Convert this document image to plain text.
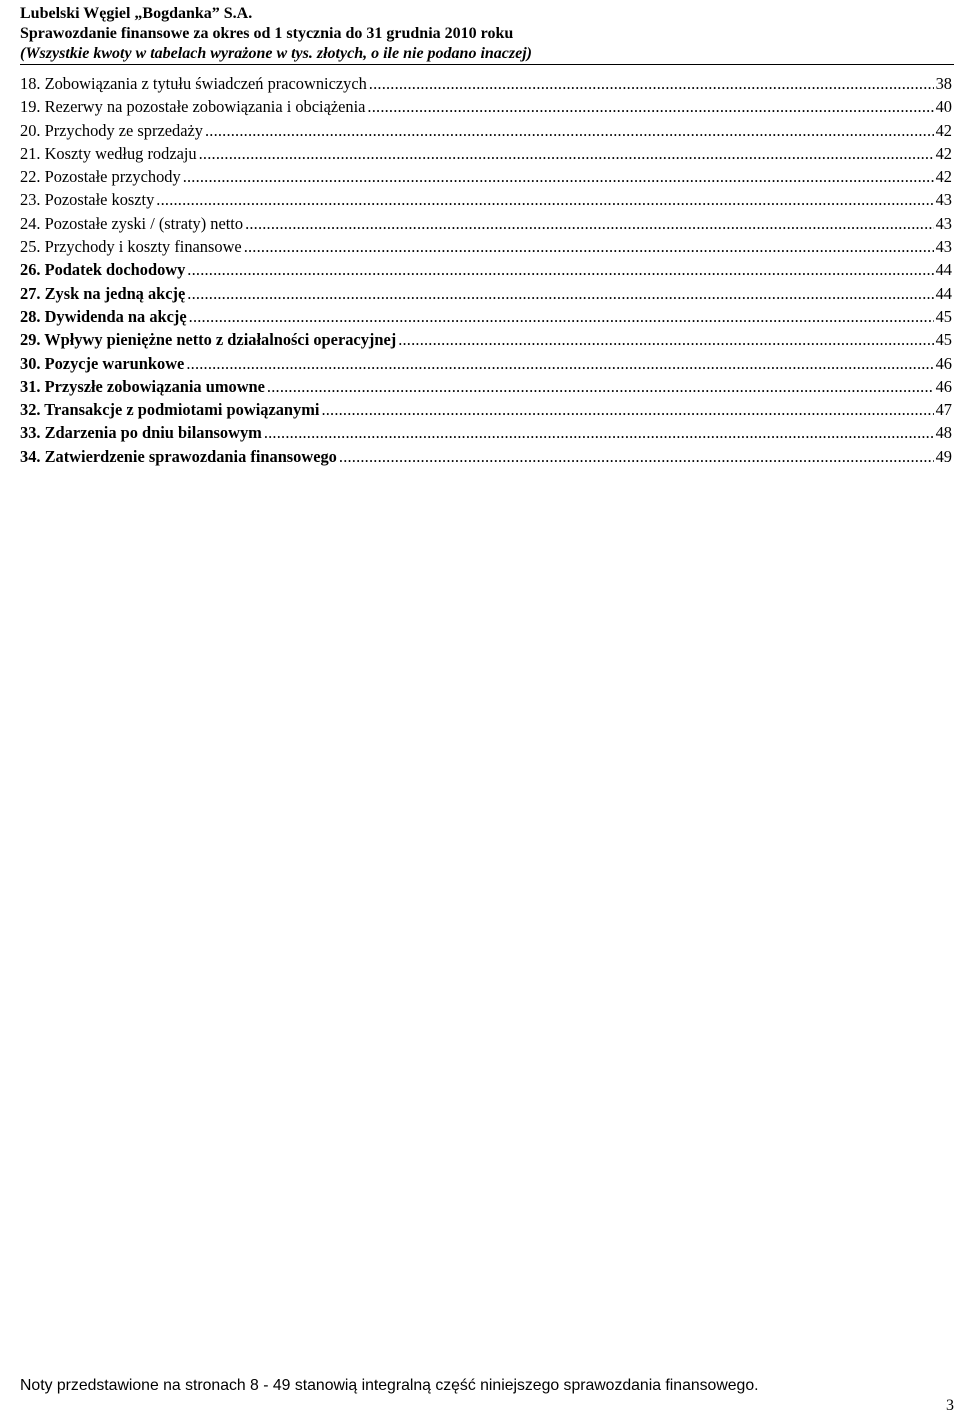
Lubelski Węgiel „Bogdanka” S.A.
Sprawozdanie finansowe za okres od 1 stycznia do 31 grudnia 2010 roku
(Wszystkie kwoty w tabelach wyrażone w tys. złotych, o ile nie podano inaczej)
18. Zobowiązania z tytułu świadczeń pracowniczych .....	38
19. Rezerwy na pozostałe zobowiązania i obciążenia .....	40
20. Przychody ze sprzedaży .....	42
21. Koszty według rodzaju .....	42
22. Pozostałe przychody .....	42
23. Pozostałe koszty .....	43
24. Pozostałe zyski / (straty) netto .....	43
25. Przychody i koszty finansowe .....	43
26. Podatek dochodowy .....	44
27. Zysk na jedną akcję .....	44
28. Dywidenda na akcję .....	45
29. Wpływy pieniężne netto z działalności operacyjnej .....	45
30. Pozycje warunkowe .....	46
31. Przyszłe zobowiązania umowne .....	46
32. Transakcje z podmiotami powiązanymi .....	47
33. Zdarzenia po dniu bilansowym .....	48
34. Zatwierdzenie sprawozdania finansowego .....	49
Noty przedstawione na stronach 8 - 49 stanowią integralną część niniejszego sprawozdania finansowego.
3
